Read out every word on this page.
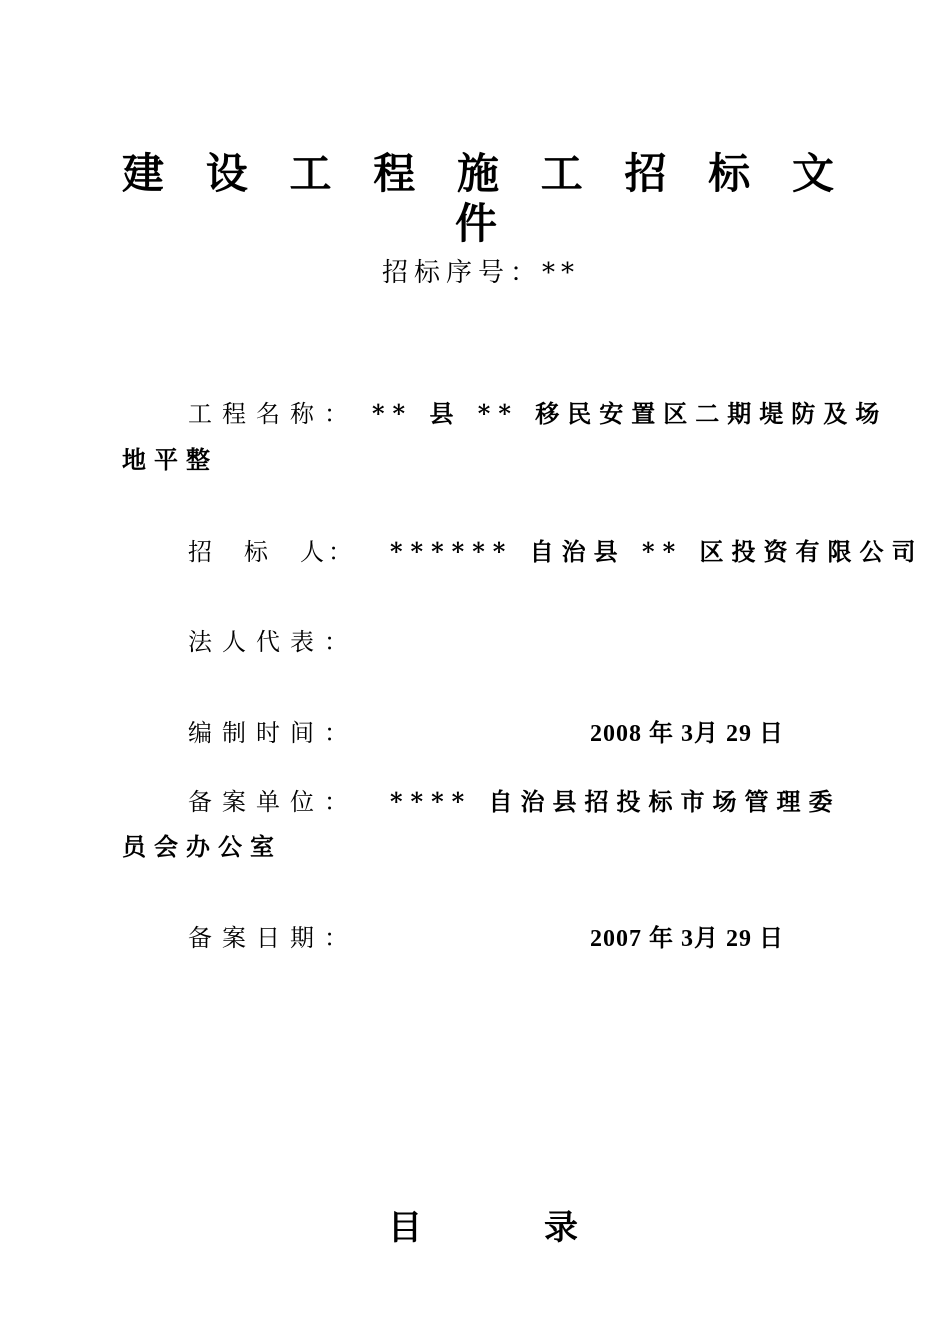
建设工程施工招标文
件
招标序号：**
工程名称： ** 县 ** 移民安置区二期堤防及场
地平整
招　标　人： ****** 自治县 ** 区投资有限公司
法人代表：
编制时间：	2008 年 3月 29 日
备案单位： **** 自治县招投标市场管理委
员会办公室
备案日期：	2007 年 3月 29 日
目	录
